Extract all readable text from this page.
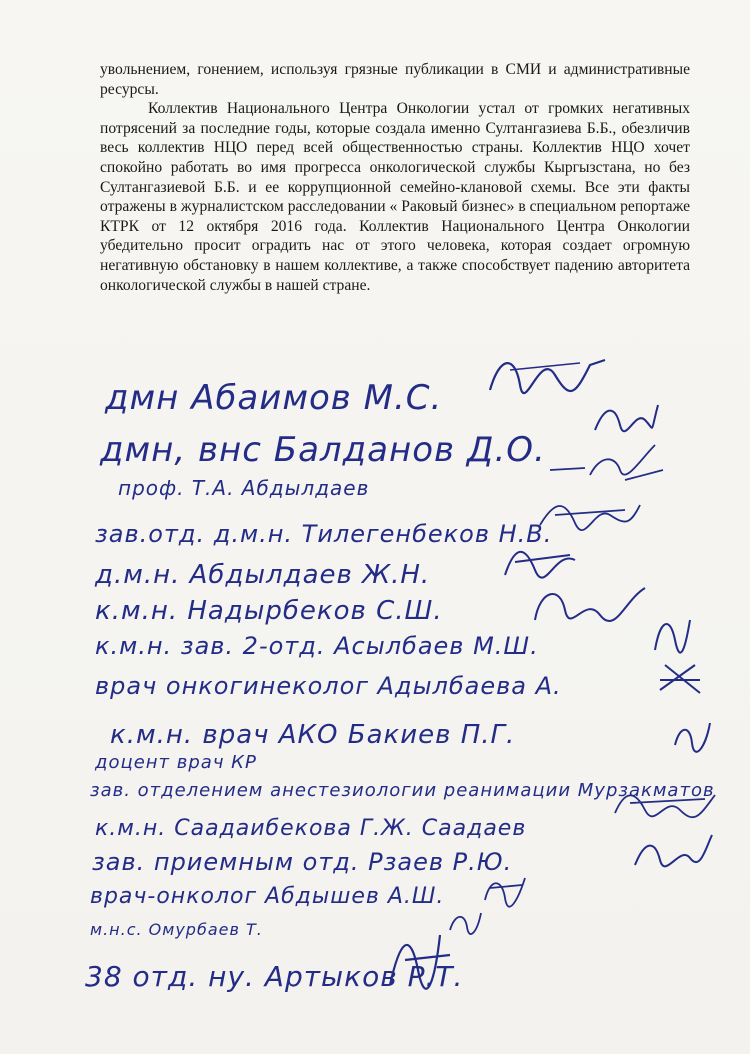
увольнением, гонением, используя грязные публикации в СМИ и административные ресурсы.

Коллектив Национального Центра Онкологии устал от громких негативных потрясений за последние годы, которые создала именно Султангазиева Б.Б., обезличив весь коллектив НЦО перед всей общественностью страны. Коллектив НЦО хочет спокойно работать во имя прогресса онкологической службы Кыргызстана, но без Султангазиевой Б.Б. и ее коррупционной семейно-клановой схемы. Все эти факты отражены в журналистском расследовании « Раковый бизнес» в специальном репортаже КТРК от 12 октября 2016 года. Коллектив Национального Центра Онкологии убедительно просит оградить нас от этого человека, которая создает огромную негативную обстановку в нашем коллективе, а также способствует падению авторитета онкологической службы в нашей стране.

дмн Абаимов М.С.
дмн, внс Балданов Д.О.
проф. Т.А. Абдылдаев
зав.отд. д.м.н. Тилегенбеков Н.В.
д.м.н. Абдылдаев Ж.Н.
к.м.н. Надырбеков С.Ш.
к.м.н. зав. 2-отд. Асылбаев М.Ш.
врач онкогинеколог Адылбаева А.
к.м.н. врач АКО Бакиев П.Г.
доцент врач КР
зав. отделением анестезиологии реанимации Мурзакматов
к.м.н. Саадаибекова Г.Ж. Саадаев
зав. приемным отд. Рзаев Р.Ю.
врач-онколог Абдышев А.Ш.
м.н.с. Омурбаев Т.
38 отд. ну. Артыков Р.Т.
